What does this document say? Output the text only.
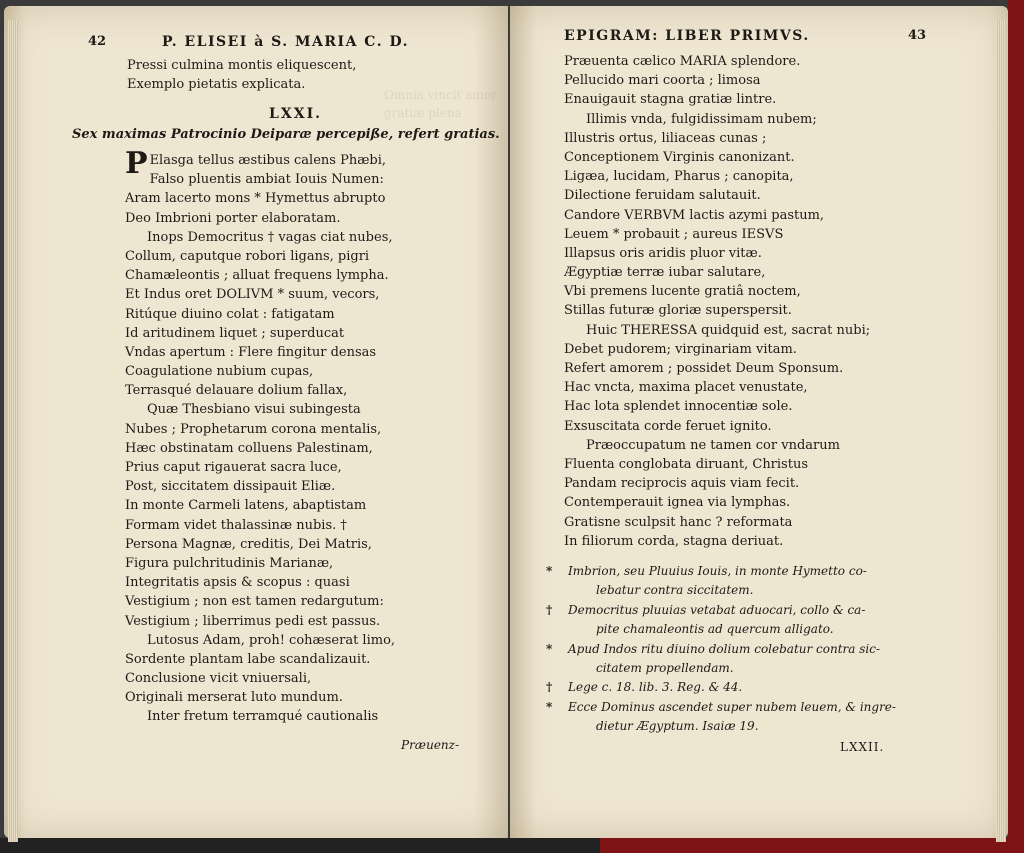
Omnia vincit amor
gratiæ plena
42	P. ELISEI à S. MARIA C. D.
Pressi culmina montis eliquescent,
Exemplo pietatis explicata.
LXXI.
Sex maximas Patrocinio Deiparæ percepiße, refert gratias.
P Elasga tellus æstibus calens Phæbi,
Falso pluentis ambiat Iouis Numen:
Aram lacerto mons * Hymettus abrupto
Deo Imbrioni porter elaboratam.
Inops Democritus † vagas ciat nubes,
Collum, caputque robori ligans, pigri
Chamæleontis ; alluat frequens lympha.
Et Indus oret DOLIVM * suum, vecors,
Ritúque diuino colat : fatigatam
Id aritudinem liquet ; superducat
Vndas apertum : Flere fingitur densas
Coagulatione nubium cupas,
Terrasqué delauare dolium fallax,
Quæ Thesbiano visui subingesta
Nubes ; Prophetarum corona mentalis,
Hæc obstinatam colluens Palestinam,
Prius caput rigauerat sacra luce,
Post, siccitatem dissipauit Eliæ.
In monte Carmeli latens, abaptistam
Formam videt thalassinæ nubis. †
Persona Magnæ, creditis, Dei Matris,
Figura pulchritudinis Marianæ,
Integritatis apsis & scopus : quasi
Vestigium ; non est tamen redargutum:
Vestigium ; liberrimus pedi est passus.
Lutosus Adam, proh! cohæserat limo,
Sordente plantam labe scandalizauit.
Conclusione vicit vniuersali,
Originali merserat luto mundum.
Inter fretum terramqué cautionalis
Præuenz-
EPIGRAM: LIBER PRIMVS.	43
Præuenta cælico MARIA splendore.
Pellucido mari coorta ; limosa
Enauigauit stagna gratiæ lintre.
Illimis vnda, fulgidissimam nubem;
Illustris ortus, liliaceas cunas ;
Conceptionem Virginis canonizant.
Ligæa, lucidam, Pharus ; canopita,
Dilectione feruidam salutauit.
Candore VERBVM lactis azymi pastum,
Leuem * probauit ; aureus IESVS
Illapsus oris aridis pluor vitæ.
Ægyptiæ terræ iubar salutare,
Vbi premens lucente gratiâ noctem,
Stillas futuræ gloriæ superspersit.
Huic THERESSA quidquid est, sacrat nubi;
Debet pudorem; virginariam vitam.
Refert amorem ; possidet Deum Sponsum.
Hac vncta, maxima placet venustate,
Hac lota splendet innocentiæ sole.
Exsuscitata corde feruet ignito.
Præoccupatum ne tamen cor vndarum
Fluenta conglobata diruant, Christus
Pandam reciprocis aquis viam fecit.
Contemperauit ignea via lymphas.
Gratisne sculpsit hanc ? reformata
In filiorum corda, stagna deriuat.
* Imbrion, seu Pluuius Iouis, in monte Hymetto co-
lebatur contra siccitatem.
† Democritus pluuias vetabat aduocari, collo & ca-
pite chamaleontis ad quercum alligato.
* Apud Indos ritu diuino dolium colebatur contra sic-
citatem propellendam.
† Lege c. 18. lib. 3. Reg. & 44.
* Ecce Dominus ascendet super nubem leuem, & ingre-
dietur Ægyptum. Isaiæ 19.
LXXII.
